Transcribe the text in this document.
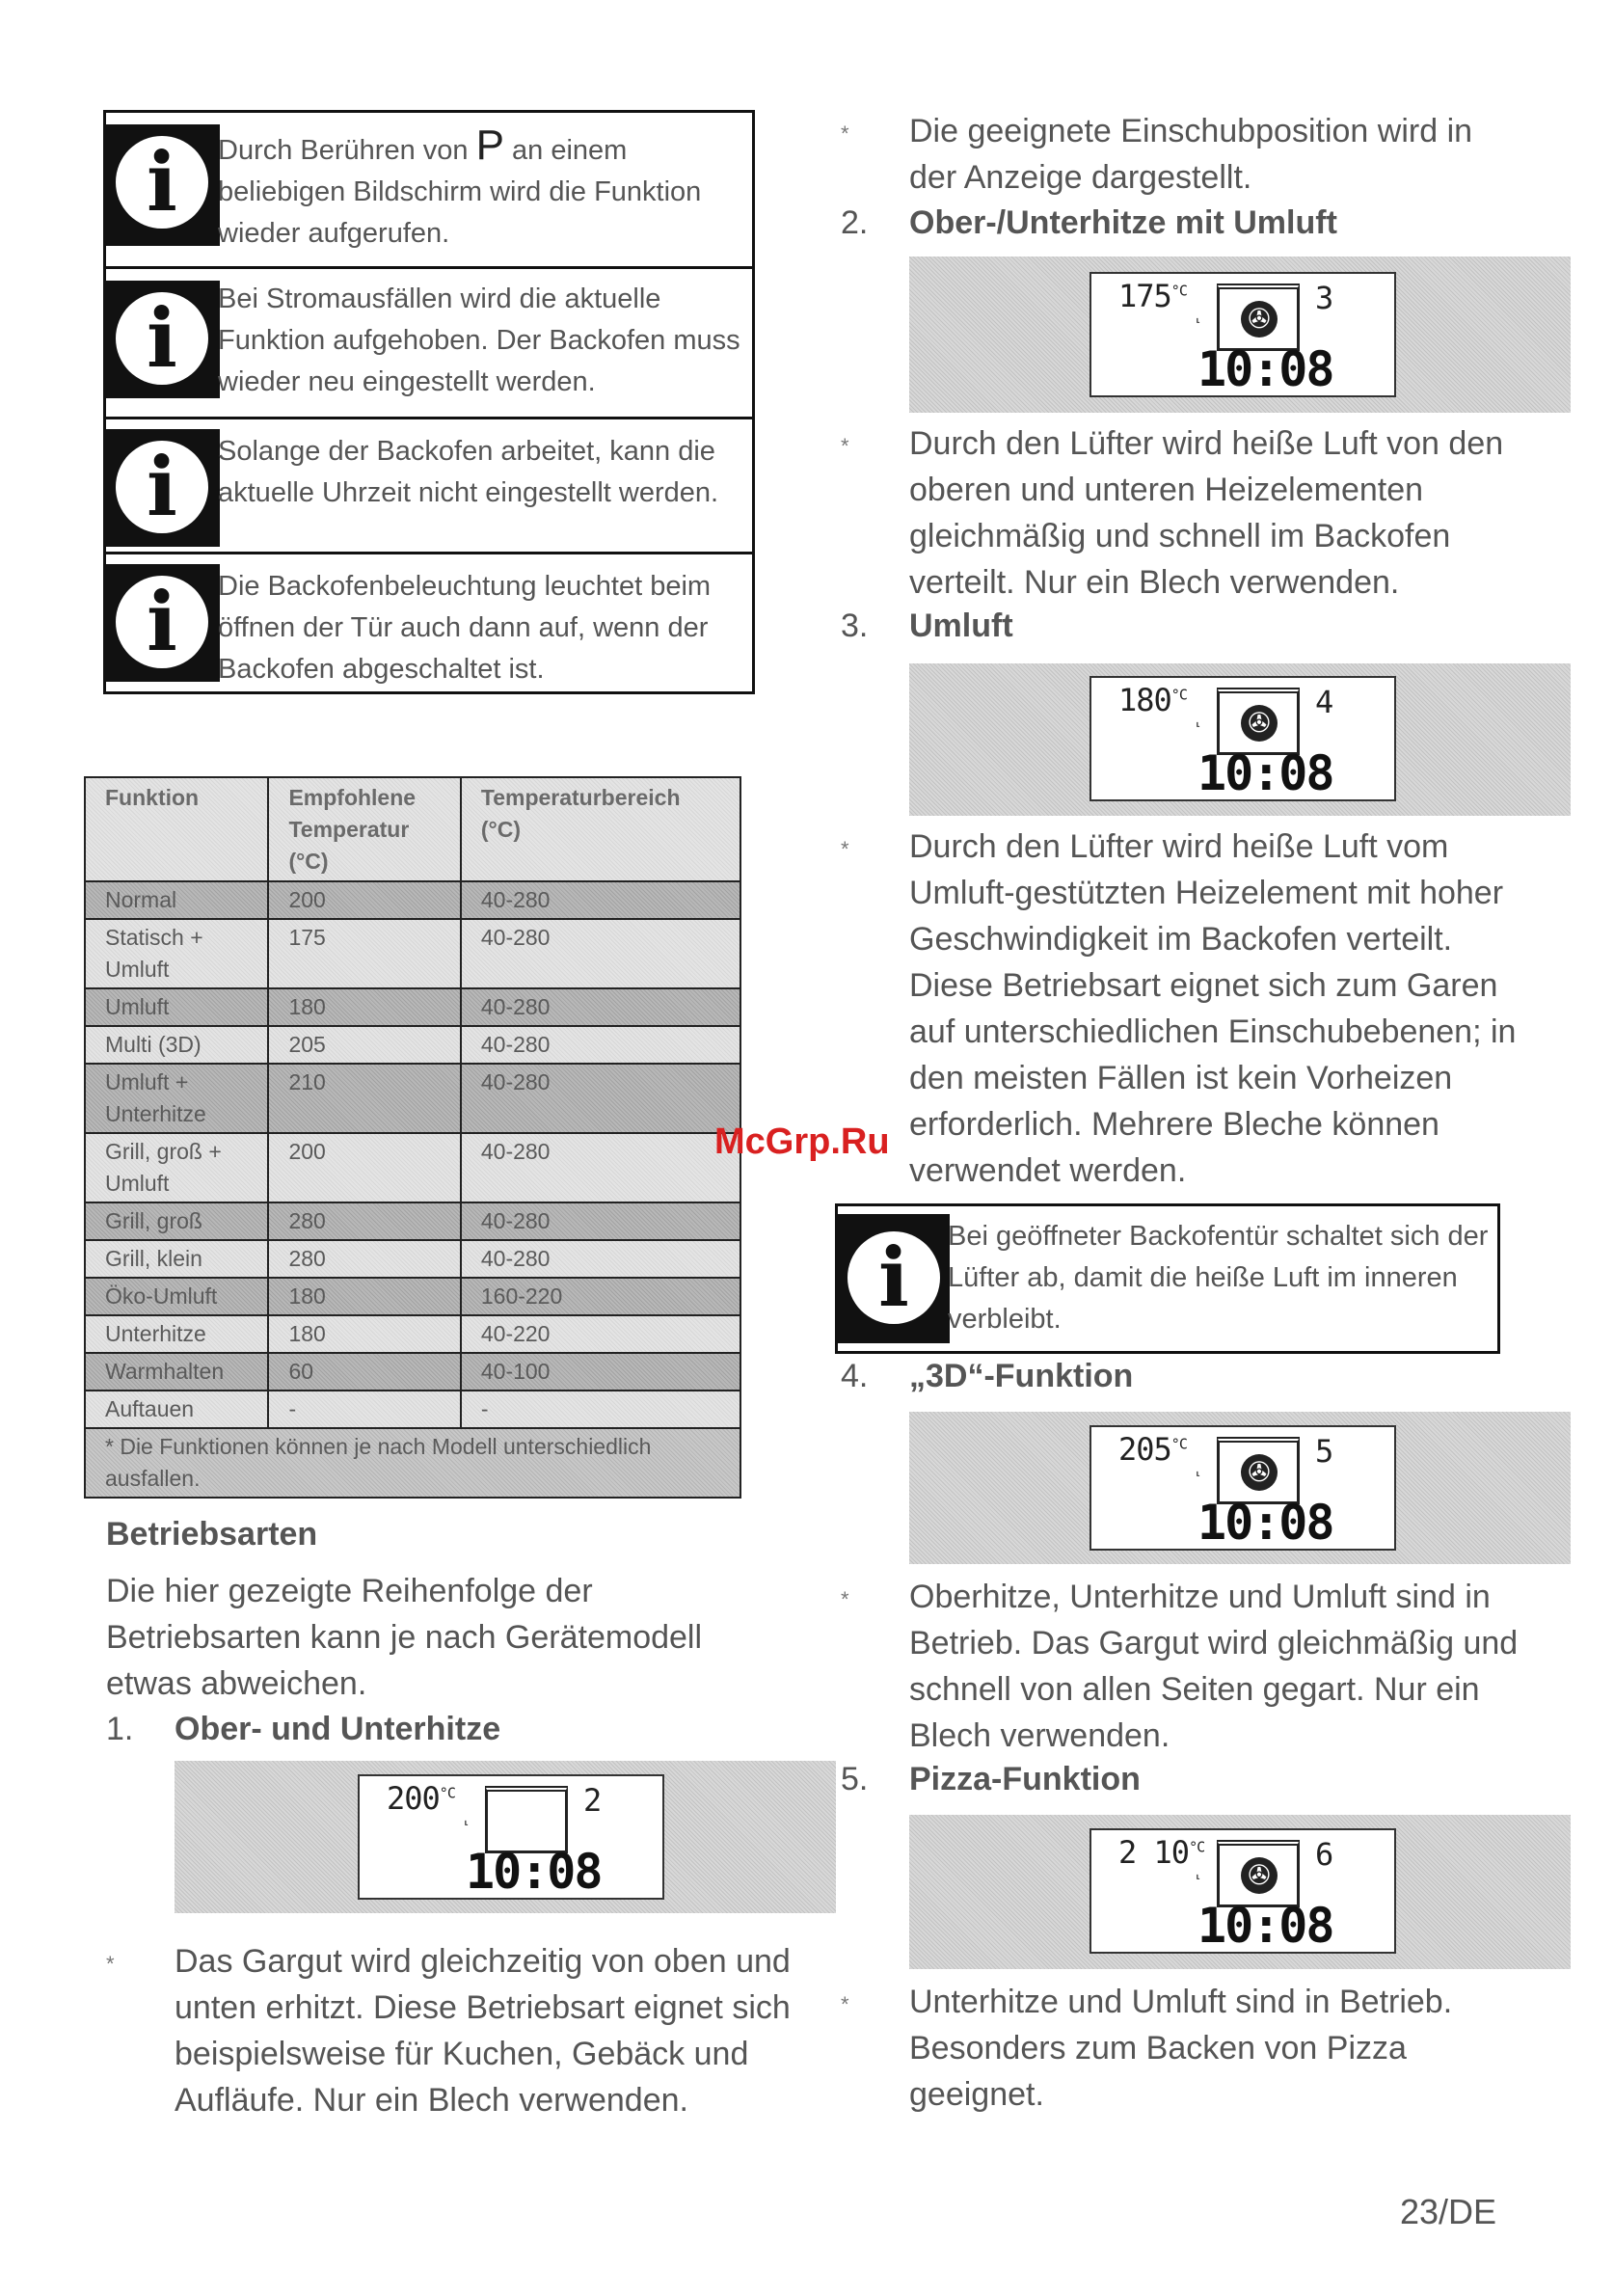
i	Durch Berühren von P an einem beliebigen Bildschirm wird die Funktion wieder aufgerufen.
i	Bei Stromausfällen wird die aktuelle Funktion aufgehoben. Der Backofen muss wieder neu eingestellt werden.
i	Solange der Backofen arbeitet, kann die aktuelle Uhrzeit nicht eingestellt werden.
i	Die Backofenbeleuchtung leuchtet beim öffnen der Tür auch dann auf, wenn der Backofen abgeschaltet ist.
Funktion	Empfohlene Temperatur (°C)	Temperaturbereich (°C)
Normal	200	40-280
Statisch + Umluft	175	40-280
Umluft	180	40-280
Multi (3D)	205	40-280
Umluft + Unterhitze	210	40-280
Grill, groß + Umluft	200	40-280
Grill, groß	280	40-280
Grill, klein	280	40-280
Öko-Umluft	180	160-220
Unterhitze	180	40-220
Warmhalten	60	40-100
Auftauen	-	-
* Die Funktionen können je nach Modell unterschiedlich ausfallen.		
Betriebsarten
Die hier gezeigte Reihenfolge der Betriebsarten kann je nach Gerätemodell etwas abweichen.
1. Ober- und Unterhitze
$200^{^\circ C}$
⸤	2
10:08
* Das Gargut wird gleichzeitig von oben und unten erhitzt. Diese Betriebsart eignet sich beispielsweise für Kuchen, Gebäck und Aufläufe. Nur ein Blech verwenden.
* Die geeignete Einschubposition wird in der Anzeige dargestellt.
2. Ober-/Unterhitze mit Umluft
$175^{^\circ C}$
⸤ ✇
3
10:08
* Durch den Lüfter wird heiße Luft von den oberen und unteren Heizelementen gleichmäßig und schnell im Backofen verteilt. Nur ein Blech verwenden.
3. Umluft
$180^{^\circ C}$
⸤ ✇
4
10:08
* Durch den Lüfter wird heiße Luft vom Umluft-gestützten Heizelement mit hoher Geschwindigkeit im Backofen verteilt. Diese Betriebsart eignet sich zum Garen auf unterschiedlichen Einschubebenen; in den meisten Fällen ist kein Vorheizen erforderlich. Mehrere Bleche können verwendet werden.
i	Bei geöffneter Backofentür schaltet sich der Lüfter ab, damit die heiße Luft im inneren verbleibt.
4. „3D“-Funktion
$205^{^\circ C}$
⸤ ✇
5
10:08
* Oberhitze, Unterhitze und Umluft sind in Betrieb. Das Gargut wird gleichmäßig und schnell von allen Seiten gegart. Nur ein Blech verwenden.
5. Pizza-Funktion
2 $10^{^\circ C}$
⸤ ✇
6
10:08
* Unterhitze und Umluft sind in Betrieb. Besonders zum Backen von Pizza geeignet.
McGrp.Ru
23/DE
